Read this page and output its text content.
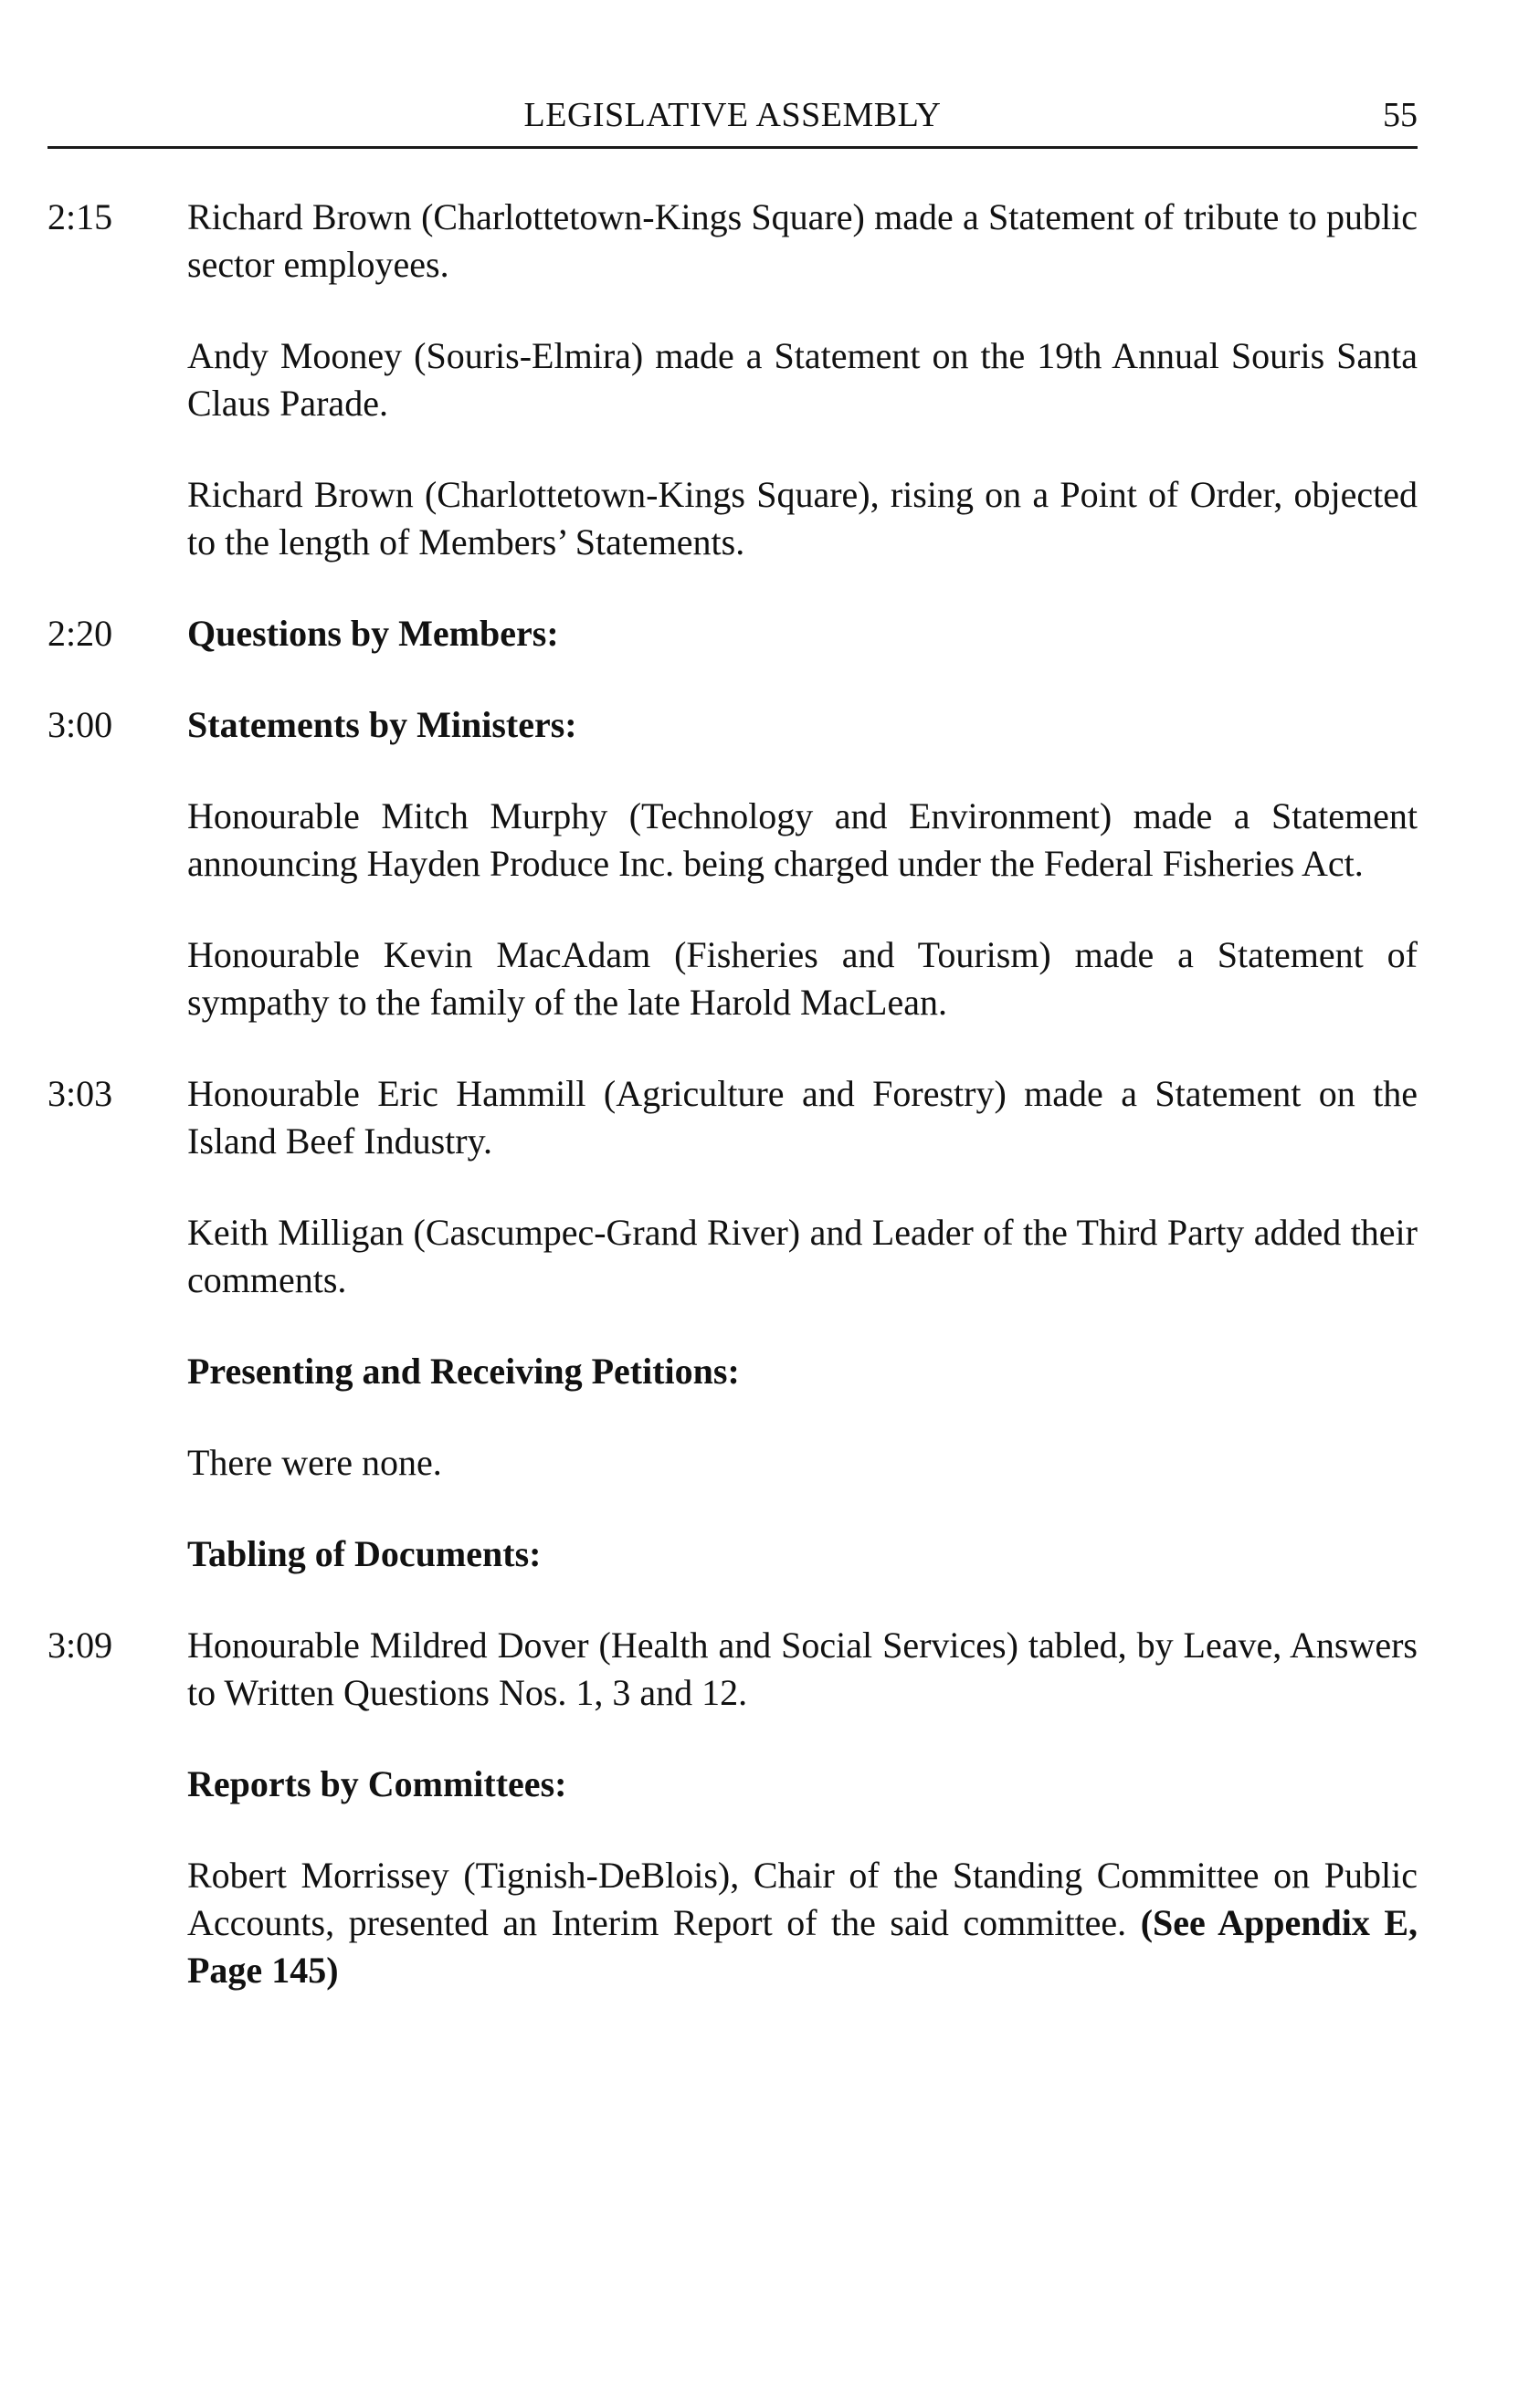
LEGISLATIVE ASSEMBLY	55
2:15	Richard Brown (Charlottetown-Kings Square) made a Statement of tribute to public sector employees.
Andy Mooney (Souris-Elmira) made a Statement on the 19th Annual Souris Santa Claus Parade.
Richard Brown (Charlottetown-Kings Square), rising on a Point of Order, objected to the length of Members’ Statements.
2:20	Questions by Members:
3:00	Statements by Ministers:
Honourable Mitch Murphy (Technology and Environment) made a Statement announcing Hayden Produce Inc. being charged under the Federal Fisheries Act.
Honourable Kevin MacAdam (Fisheries and Tourism) made a Statement of sympathy to the family of the late Harold MacLean.
3:03	Honourable Eric Hammill (Agriculture and Forestry) made a Statement on the Island Beef Industry.
Keith Milligan (Cascumpec-Grand River) and Leader of the Third Party added their comments.
Presenting and Receiving Petitions:
There were none.
Tabling of Documents:
3:09	Honourable Mildred Dover (Health and Social Services) tabled, by Leave, Answers to Written Questions Nos. 1, 3 and 12.
Reports by Committees:
Robert Morrissey (Tignish-DeBlois), Chair of the Standing Committee on Public Accounts, presented an Interim Report of the said committee. (See Appendix E, Page 145)
